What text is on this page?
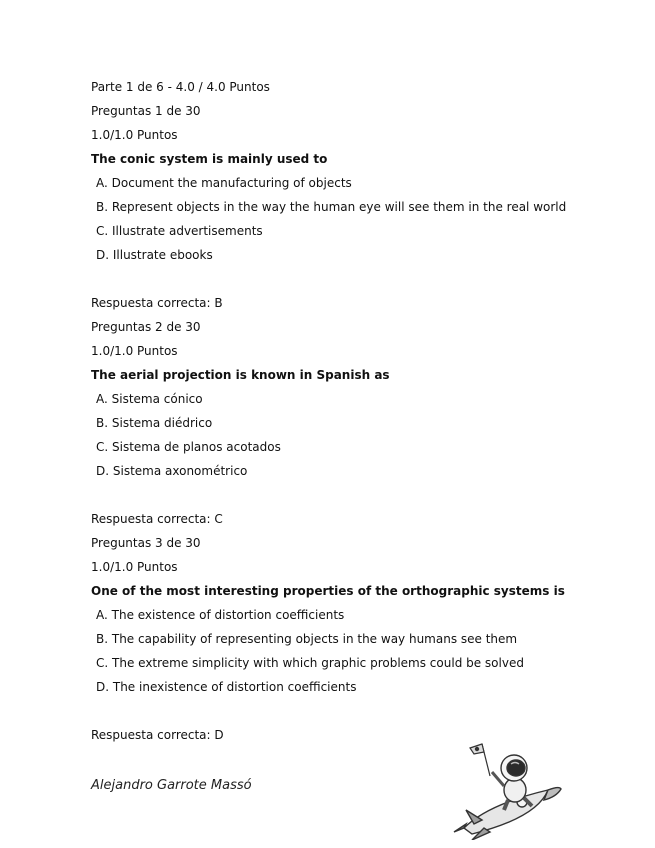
Parte 1 de 6 - 4.0 / 4.0 Puntos
Preguntas 1 de 30
1.0/1.0 Puntos
The conic system is mainly used to
A. Document the manufacturing of objects
B. Represent objects in the way the human eye will see them in the real world
C. Illustrate advertisements
D. Illustrate ebooks
Respuesta correcta: B
Preguntas 2 de 30
1.0/1.0 Puntos
The aerial projection is known in Spanish as
A. Sistema cónico
B. Sistema diédrico
C. Sistema de planos acotados
D. Sistema axonométrico
Respuesta correcta: C
Preguntas 3 de 30
1.0/1.0 Puntos
One of the most interesting properties of the orthographic systems is
A. The existence of distortion coefficients
B. The capability of representing objects in the way humans see them
C. The extreme simplicity with which graphic problems could be solved
D. The inexistence of distortion coefficients
Respuesta correcta: D
Alejandro Garrote Massó
